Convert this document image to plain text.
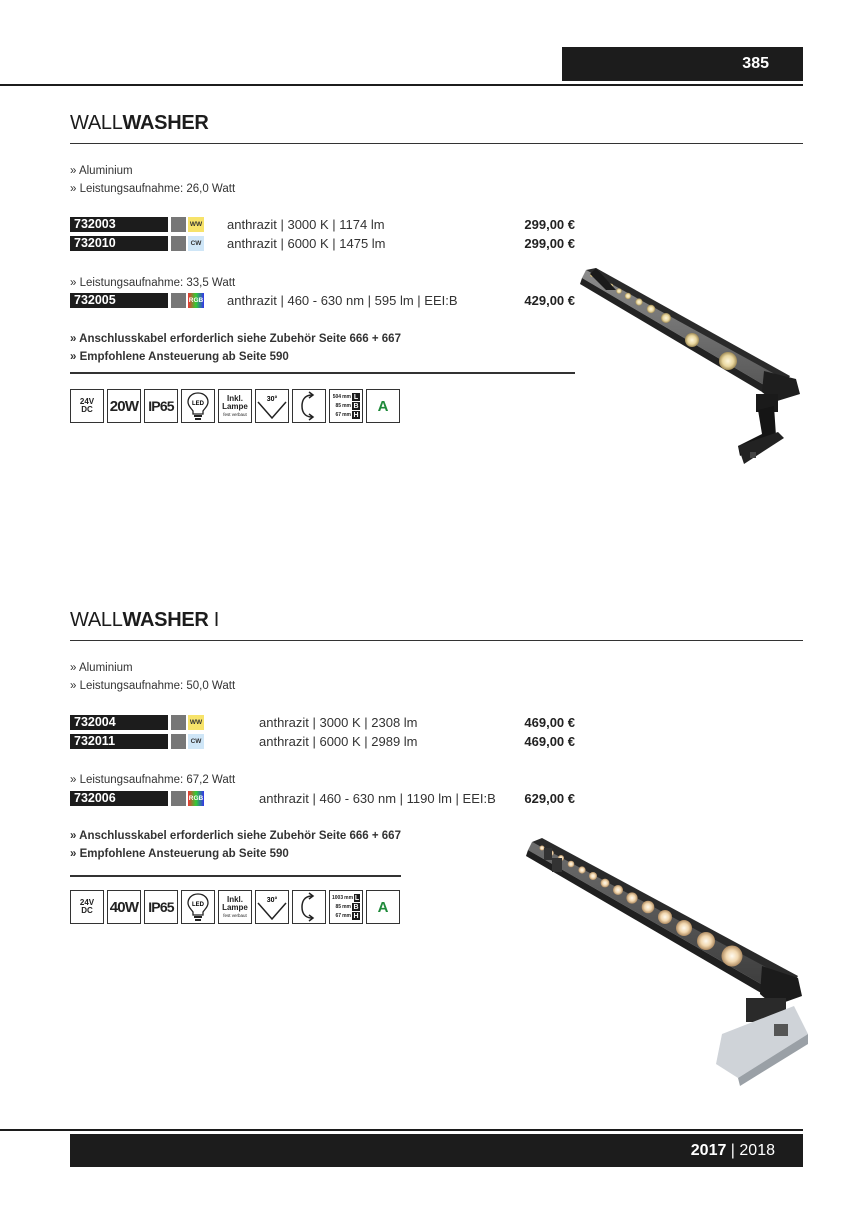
385
WALLWASHER
» Aluminium
» Leistungsaufnahme: 26,0 Watt
732003	WW anthrazit | 3000 K | 1174 lm	299,00 €
732010	CW anthrazit | 6000 K | 1475 lm	299,00 €
» Leistungsaufnahme: 33,5 Watt
732005	RGB anthrazit | 460 - 630 nm | 595 lm | EEI:B	429,00 €
» Anschlusskabel erforderlich siehe Zubehör Seite 666 + 667
» Empfohlene Ansteuerung ab Seite 590
24V
DC 20W IP65	LED
Inkl.
Lampe
fest verbaut
30°	504 mm L
85 mm B
67 mm H
A
WALLWASHER I
» Aluminium
» Leistungsaufnahme: 50,0 Watt
732004	WW	anthrazit | 3000 K | 2308 lm	469,00 €
732011	CW	anthrazit | 6000 K | 2989 lm	469,00 €
» Leistungsaufnahme: 67,2 Watt
732006	RGB	anthrazit | 460 - 630 nm | 1190 lm | EEI:B	629,00 €
» Anschlusskabel erforderlich siehe Zubehör Seite 666 + 667
» Empfohlene Ansteuerung ab Seite 590
24V
DC 40W IP65	LED
Inkl.
Lampe
fest verbaut
30°	1003 mm L
85 mm B
67 mm H
A
2017 | 2018
